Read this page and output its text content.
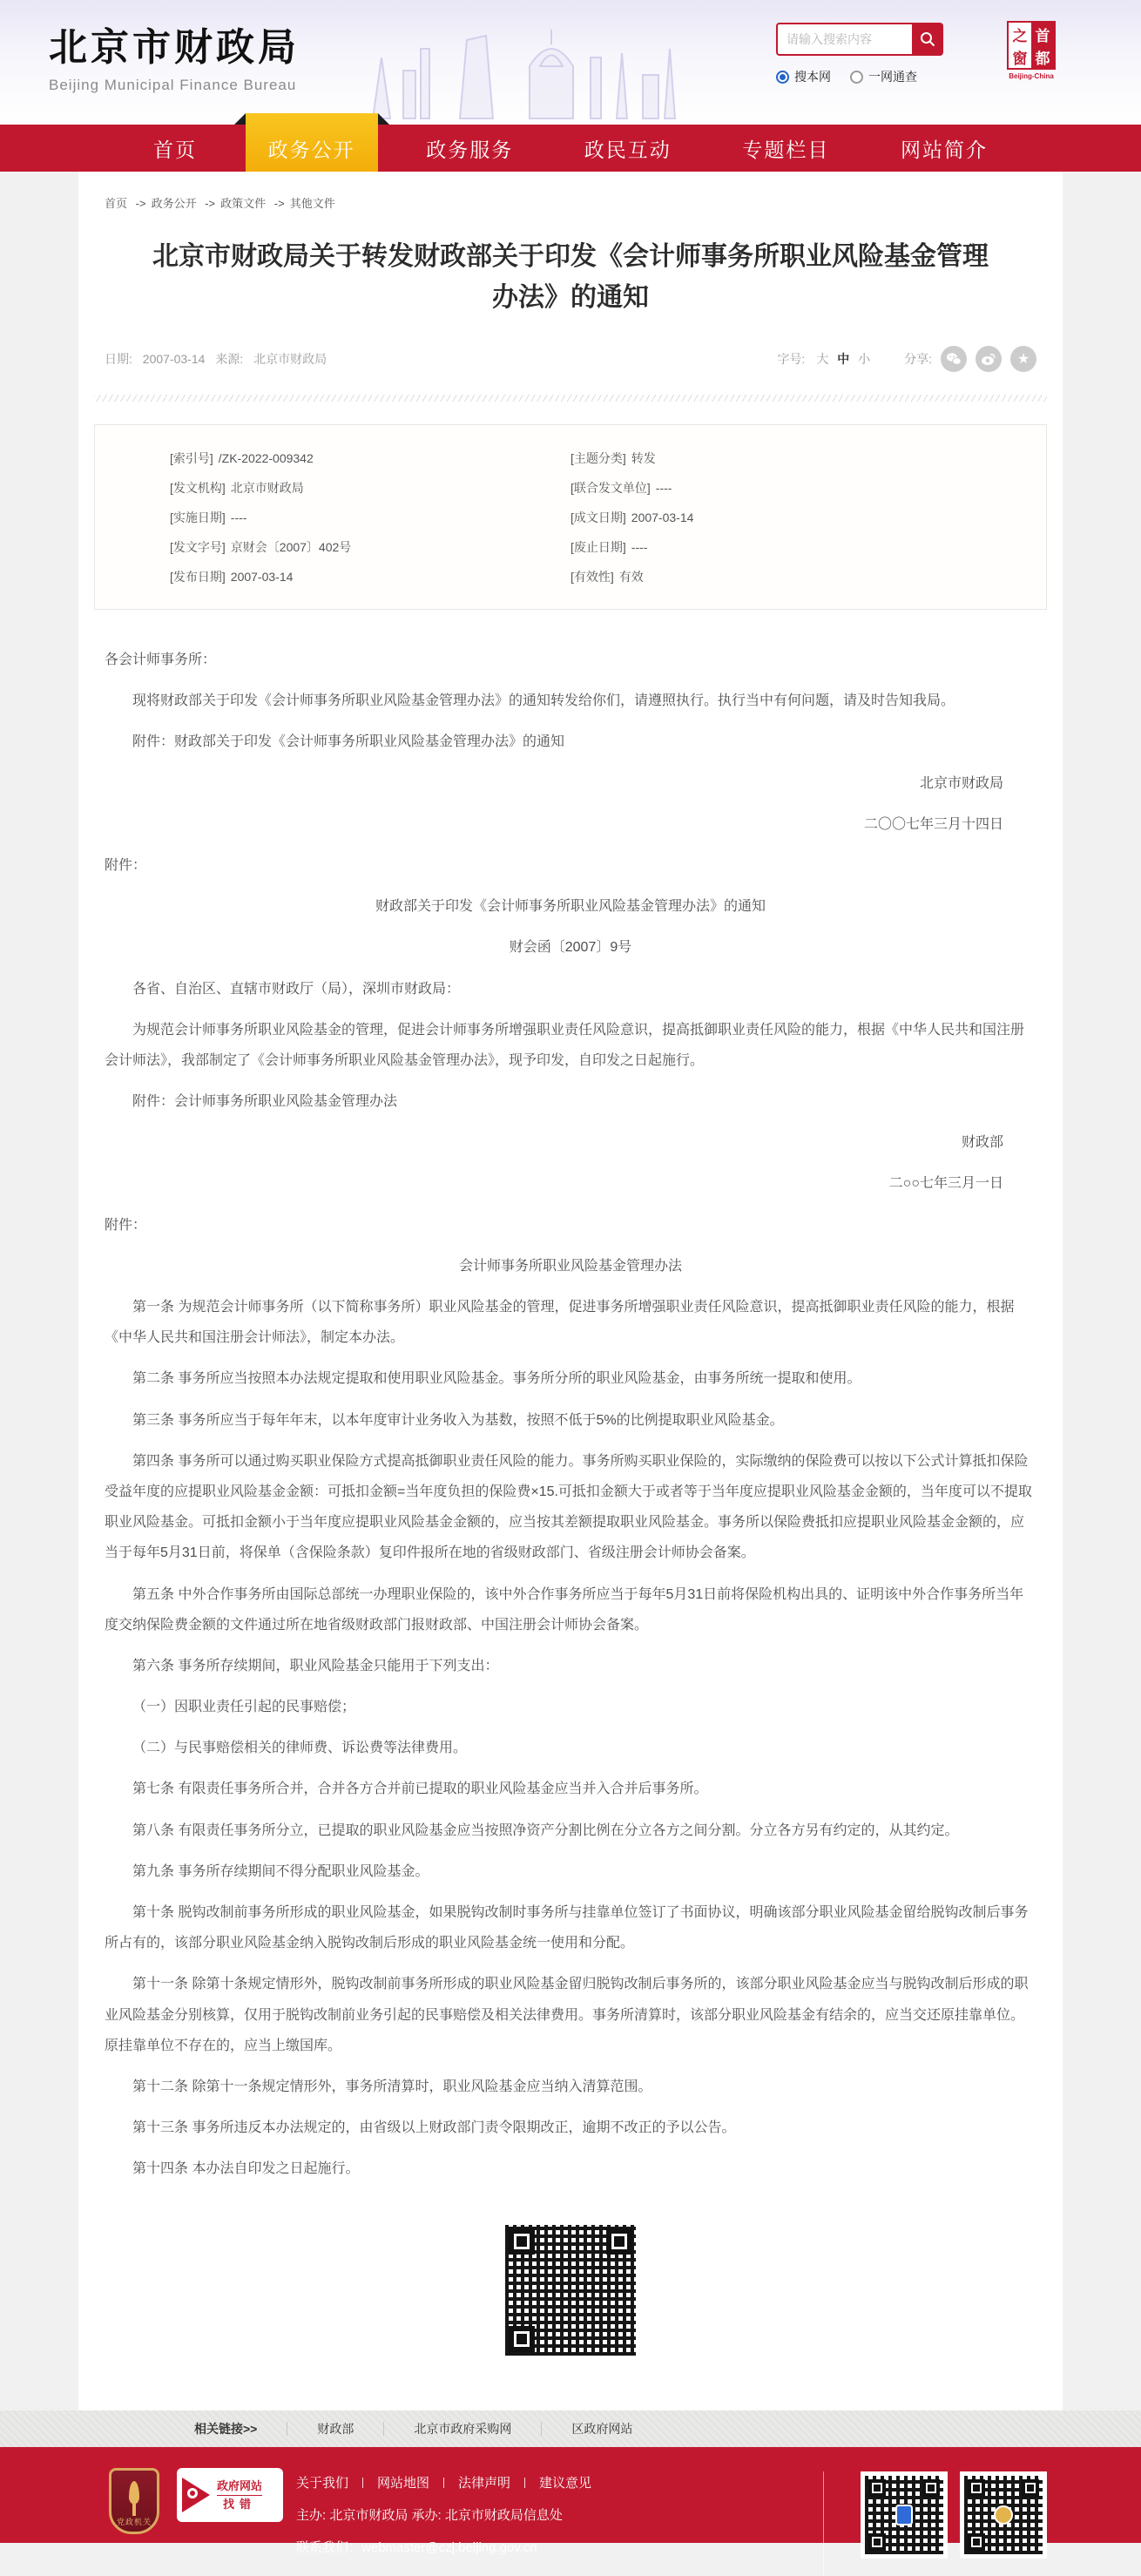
北京市财政局
Beijing Municipal Finance Bureau
请输入搜索内容	搜本网	一网通查
之 首
窗 都
Beijing-China
首页	政务公开	政务服务	政民互动	专题栏目	网站简介
首页 -> 政务公开 -> 政策文件 -> 其他文件
北京市财政局关于转发财政部关于印发《会计师事务所职业风险基金管理办法》的通知
日期: 2007-03-14 来源: 北京市财政局	字号: 大 中 小	分享:
★
[索引号] /ZK-2022-009342	[主题分类] 转发
[发文机构] 北京市财政局	[联合发文单位] ----
[实施日期] ----	[成文日期] 2007-03-14
[发文字号] 京财会〔2007〕402号	[废止日期] ----
[发布日期] 2007-03-14	[有效性] 有效

各会计师事务所：

现将财政部关于印发《会计师事务所职业风险基金管理办法》的通知转发给你们，请遵照执行。执行当中有何问题，请及时告知我局。

附件：财政部关于印发《会计师事务所职业风险基金管理办法》的通知

北京市财政局

二〇〇七年三月十四日

附件：

财政部关于印发《会计师事务所职业风险基金管理办法》的通知

财会函〔2007〕9号

各省、自治区、直辖市财政厅（局），深圳市财政局：

为规范会计师事务所职业风险基金的管理，促进会计师事务所增强职业责任风险意识，提高抵御职业责任风险的能力，根据《中华人民共和国注册会计师法》，我部制定了《会计师事务所职业风险基金管理办法》，现予印发，自印发之日起施行。

附件：会计师事务所职业风险基金管理办法

财政部

二○○七年三月一日

附件：

会计师事务所职业风险基金管理办法

第一条 为规范会计师事务所（以下简称事务所）职业风险基金的管理，促进事务所增强职业责任风险意识，提高抵御职业责任风险的能力，根据《中华人民共和国注册会计师法》，制定本办法。

第二条 事务所应当按照本办法规定提取和使用职业风险基金。事务所分所的职业风险基金，由事务所统一提取和使用。

第三条 事务所应当于每年年末，以本年度审计业务收入为基数，按照不低于5%的比例提取职业风险基金。

第四条 事务所可以通过购买职业保险方式提高抵御职业责任风险的能力。事务所购买职业保险的，实际缴纳的保险费可以按以下公式计算抵扣保险受益年度的应提职业风险基金金额：可抵扣金额=当年度负担的保险费×15.可抵扣金额大于或者等于当年度应提职业风险基金金额的，当年度可以不提取职业风险基金。可抵扣金额小于当年度应提职业风险基金金额的，应当按其差额提取职业风险基金。事务所以保险费抵扣应提职业风险基金金额的，应当于每年5月31日前，将保单（含保险条款）复印件报所在地的省级财政部门、省级注册会计师协会备案。

第五条 中外合作事务所由国际总部统一办理职业保险的，该中外合作事务所应当于每年5月31日前将保险机构出具的、证明该中外合作事务所当年度交纳保险费金额的文件通过所在地省级财政部门报财政部、中国注册会计师协会备案。

第六条 事务所存续期间，职业风险基金只能用于下列支出：

（一）因职业责任引起的民事赔偿；

（二）与民事赔偿相关的律师费、诉讼费等法律费用。

第七条 有限责任事务所合并，合并各方合并前已提取的职业风险基金应当并入合并后事务所。

第八条 有限责任事务所分立，已提取的职业风险基金应当按照净资产分割比例在分立各方之间分割。分立各方另有约定的，从其约定。

第九条 事务所存续期间不得分配职业风险基金。

第十条 脱钩改制前事务所形成的职业风险基金，如果脱钩改制时事务所与挂靠单位签订了书面协议，明确该部分职业风险基金留给脱钩改制后事务所占有的，该部分职业风险基金纳入脱钩改制后形成的职业风险基金统一使用和分配。

第十一条 除第十条规定情形外，脱钩改制前事务所形成的职业风险基金留归脱钩改制后事务所的，该部分职业风险基金应当与脱钩改制后形成的职业风险基金分别核算，仅用于脱钩改制前业务引起的民事赔偿及相关法律费用。事务所清算时，该部分职业风险基金有结余的，应当交还原挂靠单位。原挂靠单位不存在的，应当上缴国库。

第十二条 除第十一条规定情形外，事务所清算时，职业风险基金应当纳入清算范围。

第十三条 事务所违反本办法规定的，由省级以上财政部门责令限期改正，逾期不改正的予以公告。

第十四条 本办法自印发之日起施行。

相关链接>>	财政部	北京市政府采购网	区政府网站
党政机关
政府网站
找错
关于我们	网站地图	法律声明	建议意见
主办: 北京市财政局 承办: 北京市财政局信息处
联系我们：webmaster@czj.beijing.gov.cn
